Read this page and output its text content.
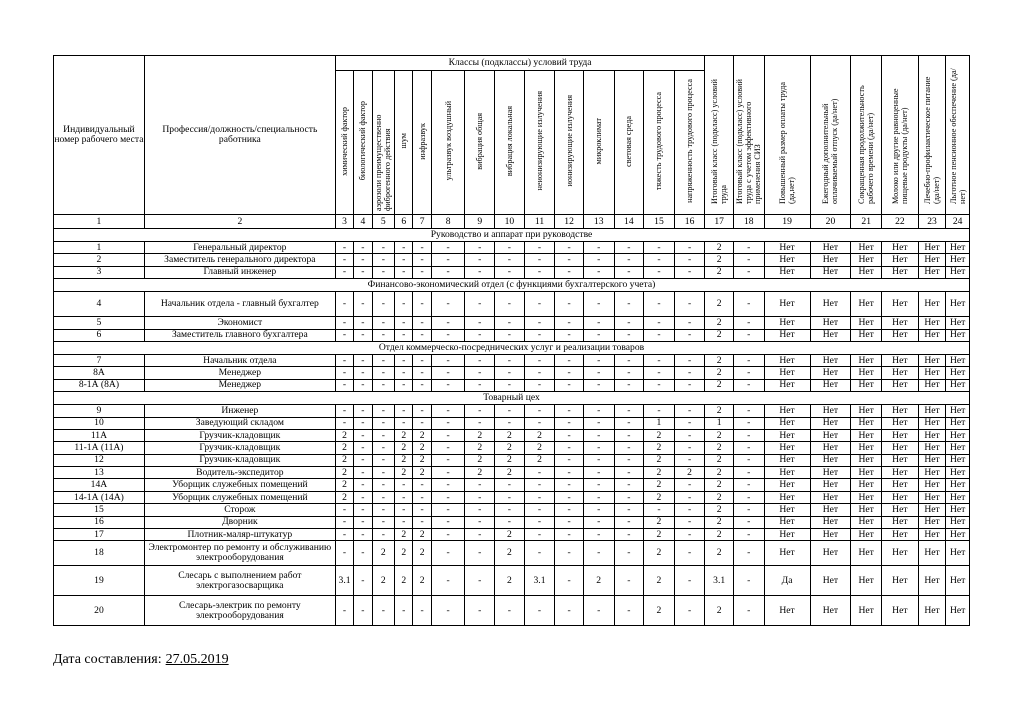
Индивидуальный номер рабочего места	Профессия/должность/специальность работника	Классы (подклассы) условий труда														Итоговый класс (подкласс) условий труда	Итоговый класс (подкласс) условий труда с учетом эффективного применения СИЗ	Повышенный размер оплаты труда (да,нет)	Ежегодный дополнительный оплачиваемый отпуск (да/нет)	Сокращенная продолжительность рабочего времени (да/нет)	Молоко или другие равноценные пищевые продукты (да/нет)	Лечебно-профилактическое питание (да/нет)	Льготное пенсионное обеспечение (да/нет)
		химический фактор	биологический фактор	аэрозоли преимущественно фиброгенного действия	шум	инфразвук	ультразвук воздушный	вибрация общая	вибрация локальная	неионизирующие излучения	ионизирующие излучения	микроклимат	световая среда	тяжесть трудового процесса	напряженность трудового процесса								
1	2	3	4	5	6	7	8	9	10	11	12	13	14	15	16	17	18	19	20	21	22	23	24
Руководство и аппарат при руководстве																							
1	Генеральный директор	-	-	-	-	-	-	-	-	-	-	-	-	-	-	2	-	Нет	Нет	Нет	Нет	Нет	Нет
2	Заместитель генерального директора	-	-	-	-	-	-	-	-	-	-	-	-	-	-	2	-	Нет	Нет	Нет	Нет	Нет	Нет
3	Главный инженер	-	-	-	-	-	-	-	-	-	-	-	-	-	-	2	-	Нет	Нет	Нет	Нет	Нет	Нет
Финансово-экономический отдел (с функциями бухгалтерского учета)																							
4	Начальник отдела - главный бухгалтер	-	-	-	-	-	-	-	-	-	-	-	-	-	-	2	-	Нет	Нет	Нет	Нет	Нет	Нет
5	Экономист	-	-	-	-	-	-	-	-	-	-	-	-	-	-	2	-	Нет	Нет	Нет	Нет	Нет	Нет
6	Заместитель главного бухгалтера	-	-	-	-	-	-	-	-	-	-	-	-	-	-	2	-	Нет	Нет	Нет	Нет	Нет	Нет
Отдел коммерческо-посреднических услуг и реализации товаров																							
7	Начальник отдела	-	-	-	-	-	-	-	-	-	-	-	-	-	-	2	-	Нет	Нет	Нет	Нет	Нет	Нет
8А	Менеджер	-	-	-	-	-	-	-	-	-	-	-	-	-	-	2	-	Нет	Нет	Нет	Нет	Нет	Нет
8-1А (8А)	Менеджер	-	-	-	-	-	-	-	-	-	-	-	-	-	-	2	-	Нет	Нет	Нет	Нет	Нет	Нет
Товарный цех																							
9	Инженер	-	-	-	-	-	-	-	-	-	-	-	-	-	-	2	-	Нет	Нет	Нет	Нет	Нет	Нет
10	Заведующий складом	-	-	-	-	-	-	-	-	-	-	-	-	1	-	1	-	Нет	Нет	Нет	Нет	Нет	Нет
11А	Грузчик-кладовщик	2	-	-	2	2	-	2	2	2	-	-	-	2	-	2	-	Нет	Нет	Нет	Нет	Нет	Нет
11-1А (11А)	Грузчик-кладовщик	2	-	-	2	2	-	2	2	2	-	-	-	2	-	2	-	Нет	Нет	Нет	Нет	Нет	Нет
12	Грузчик-кладовщик	2	-	-	2	2	-	2	2	2	-	-	-	2	-	2	-	Нет	Нет	Нет	Нет	Нет	Нет
13	Водитель-экспедитор	2	-	-	2	2	-	2	2	-	-	-	-	2	2	2	-	Нет	Нет	Нет	Нет	Нет	Нет
14А	Уборщик служебных помещений	2	-	-	-	-	-	-	-	-	-	-	-	2	-	2	-	Нет	Нет	Нет	Нет	Нет	Нет
14-1А (14А)	Уборщик служебных помещений	2	-	-	-	-	-	-	-	-	-	-	-	2	-	2	-	Нет	Нет	Нет	Нет	Нет	Нет
15	Сторож	-	-	-	-	-	-	-	-	-	-	-	-	-	-	2	-	Нет	Нет	Нет	Нет	Нет	Нет
16	Дворник	-	-	-	-	-	-	-	-	-	-	-	-	2	-	2	-	Нет	Нет	Нет	Нет	Нет	Нет
17	Плотник-маляр-штукатур	-	-	-	2	2	-	-	2	-	-	-	-	2	-	2	-	Нет	Нет	Нет	Нет	Нет	Нет
18	Электромонтер по ремонту и обслуживанию электрооборудования	-	-	2	2	2	-	-	2	-	-	-	-	2	-	2	-	Нет	Нет	Нет	Нет	Нет	Нет
19	Слесарь с выполнением работ электрогазосварщика	3.1	-	2	2	2	-	-	2	3.1	-	2	-	2	-	3.1	-	Да	Нет	Нет	Нет	Нет	Нет
20	Слесарь-электрик по ремонту электрооборудования	-	-	-	-	-	-	-	-	-	-	-	-	2	-	2	-	Нет	Нет	Нет	Нет	Нет	Нет
Дата составления: 27.05.2019
